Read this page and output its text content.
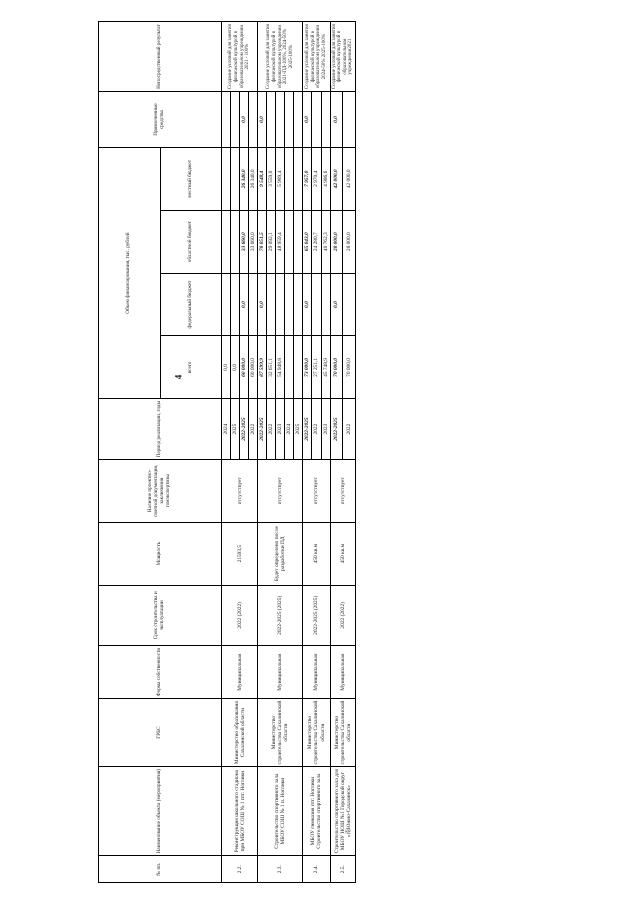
4
№ пп.	Наименование объекта (мероприятия)	ГРБС	Форма собственности	Срок строительства и эксплуатации	Мощность	Наличие проектно-сметной документации, заключения гомэкспертизы	Период реализации, годы	Объем финансирования, тыс. рублей				Привлеченные средства	Непосредственный результат
								всего	федеральный бюджет	областной бюджет	местный бюджет		
2.2.	Реконструкция школьного стадиона при МБОУ СОШ № 1 птг. Ноглики	Министерство образования Сахалинской области	Муниципальная	2022 (2022)	21593,5	отсутствует	2024	0,0					Создание условий для занятия физической культурой в образовательном учреждении 2021 - 100%
							2025	0,0					
							2022-2025	60 000,0	0,0	33 660,0	26 340,0	0,0	
							2022	60 000,0		33 660,0	26 340,0		
2.3.	Строительство спортивного зала МБОУ СОШ № 1 п. Ноглики	Министерство строительства Сахалинской области	Муниципальная	2022-2025 (2025)	Будет определено после разработки ПД	отсутствует	2022-2025	87 599,9	0,0	78 051,5	9 548,4	0,0	Создание условий для занятия физической культурой в образовательном учреждении 2021-ПД-100%, 2024-50% 2025-100%
							2022	32 651,1		29 092,1	3 559,0		
							2023	54 948,8		48 959,4	5 989,4		
							2024						
							2025						
2.4.	МБОУ гимназия птг. Ноглики Строительство спортивного зала	Министерство строительства Сахалинской области	Муниципальная	2022-2025 (2025)	450 кв.м	отсутствует	2022-2025	73 000,0	0,0	65 043,0	7 957,0	0,0	Создание условий для занятия физической культурой в образовательном учреждении 2024-50% 2025-100%
							2022	27 251,1		24 280,7	2 970,4		
							2023	45 748,9		40 762,3	4 986,6		
2.5.	Строительство спортивного зала для МБОУ НОШ №1 Городской округ «南Южно-Сахалинск»	Министерство строительства Сахалинской области	Муниципальная	2022 (2022)	450 кв.м	отсутствует	2022-2025	70 000,0	0,0	28 000,0	42 000,0	0,0	Создание условий для занятия физической культурой в образовательном учреждении2021
							2022	70 000,0		28 000,0	42 000,0		
